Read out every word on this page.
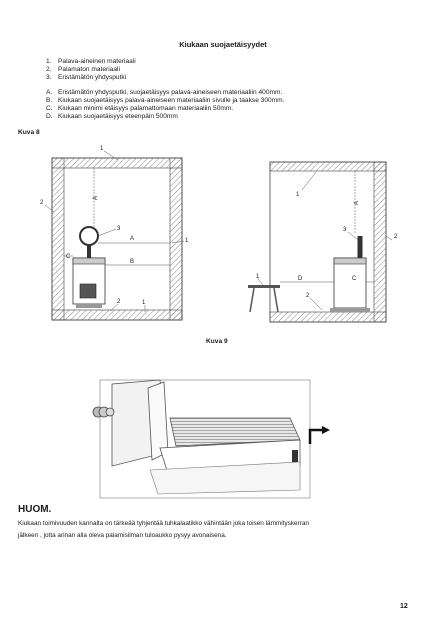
Kiukaan suojaetäisyydet
1. Palava-aineinen materiaali
2. Palamaton materiaali
3. Eristämätön yhdysputki
A. Eristämätön yhdysputki, suojaetäisyys palava-aineiseen materiaaliin 400mm.
B. Kiukaan suojaetäisyys palava-aineiseen materiaaliin sivulle ja taakse 300mm.
C. Kiukaan minimi etäisyys palamattomaan materiaaliin 50mm.
D. Kiukaan suojaetäisyys eteenpäin 500mm
Kuva 8
Kuva 9
1
2
A
3
A	1
C
B
2	1
1
A
2
3
1	D	C
2
HUOM.
Kiukaan toimivuuden kannalta on tärkeää tyhjentää tuhkalaatikko vähintään joka toisen lämmityskerran
jälkeen , jotta arinan alla oleva palamisilman tuloaukko pysyy avonaisena.
12
